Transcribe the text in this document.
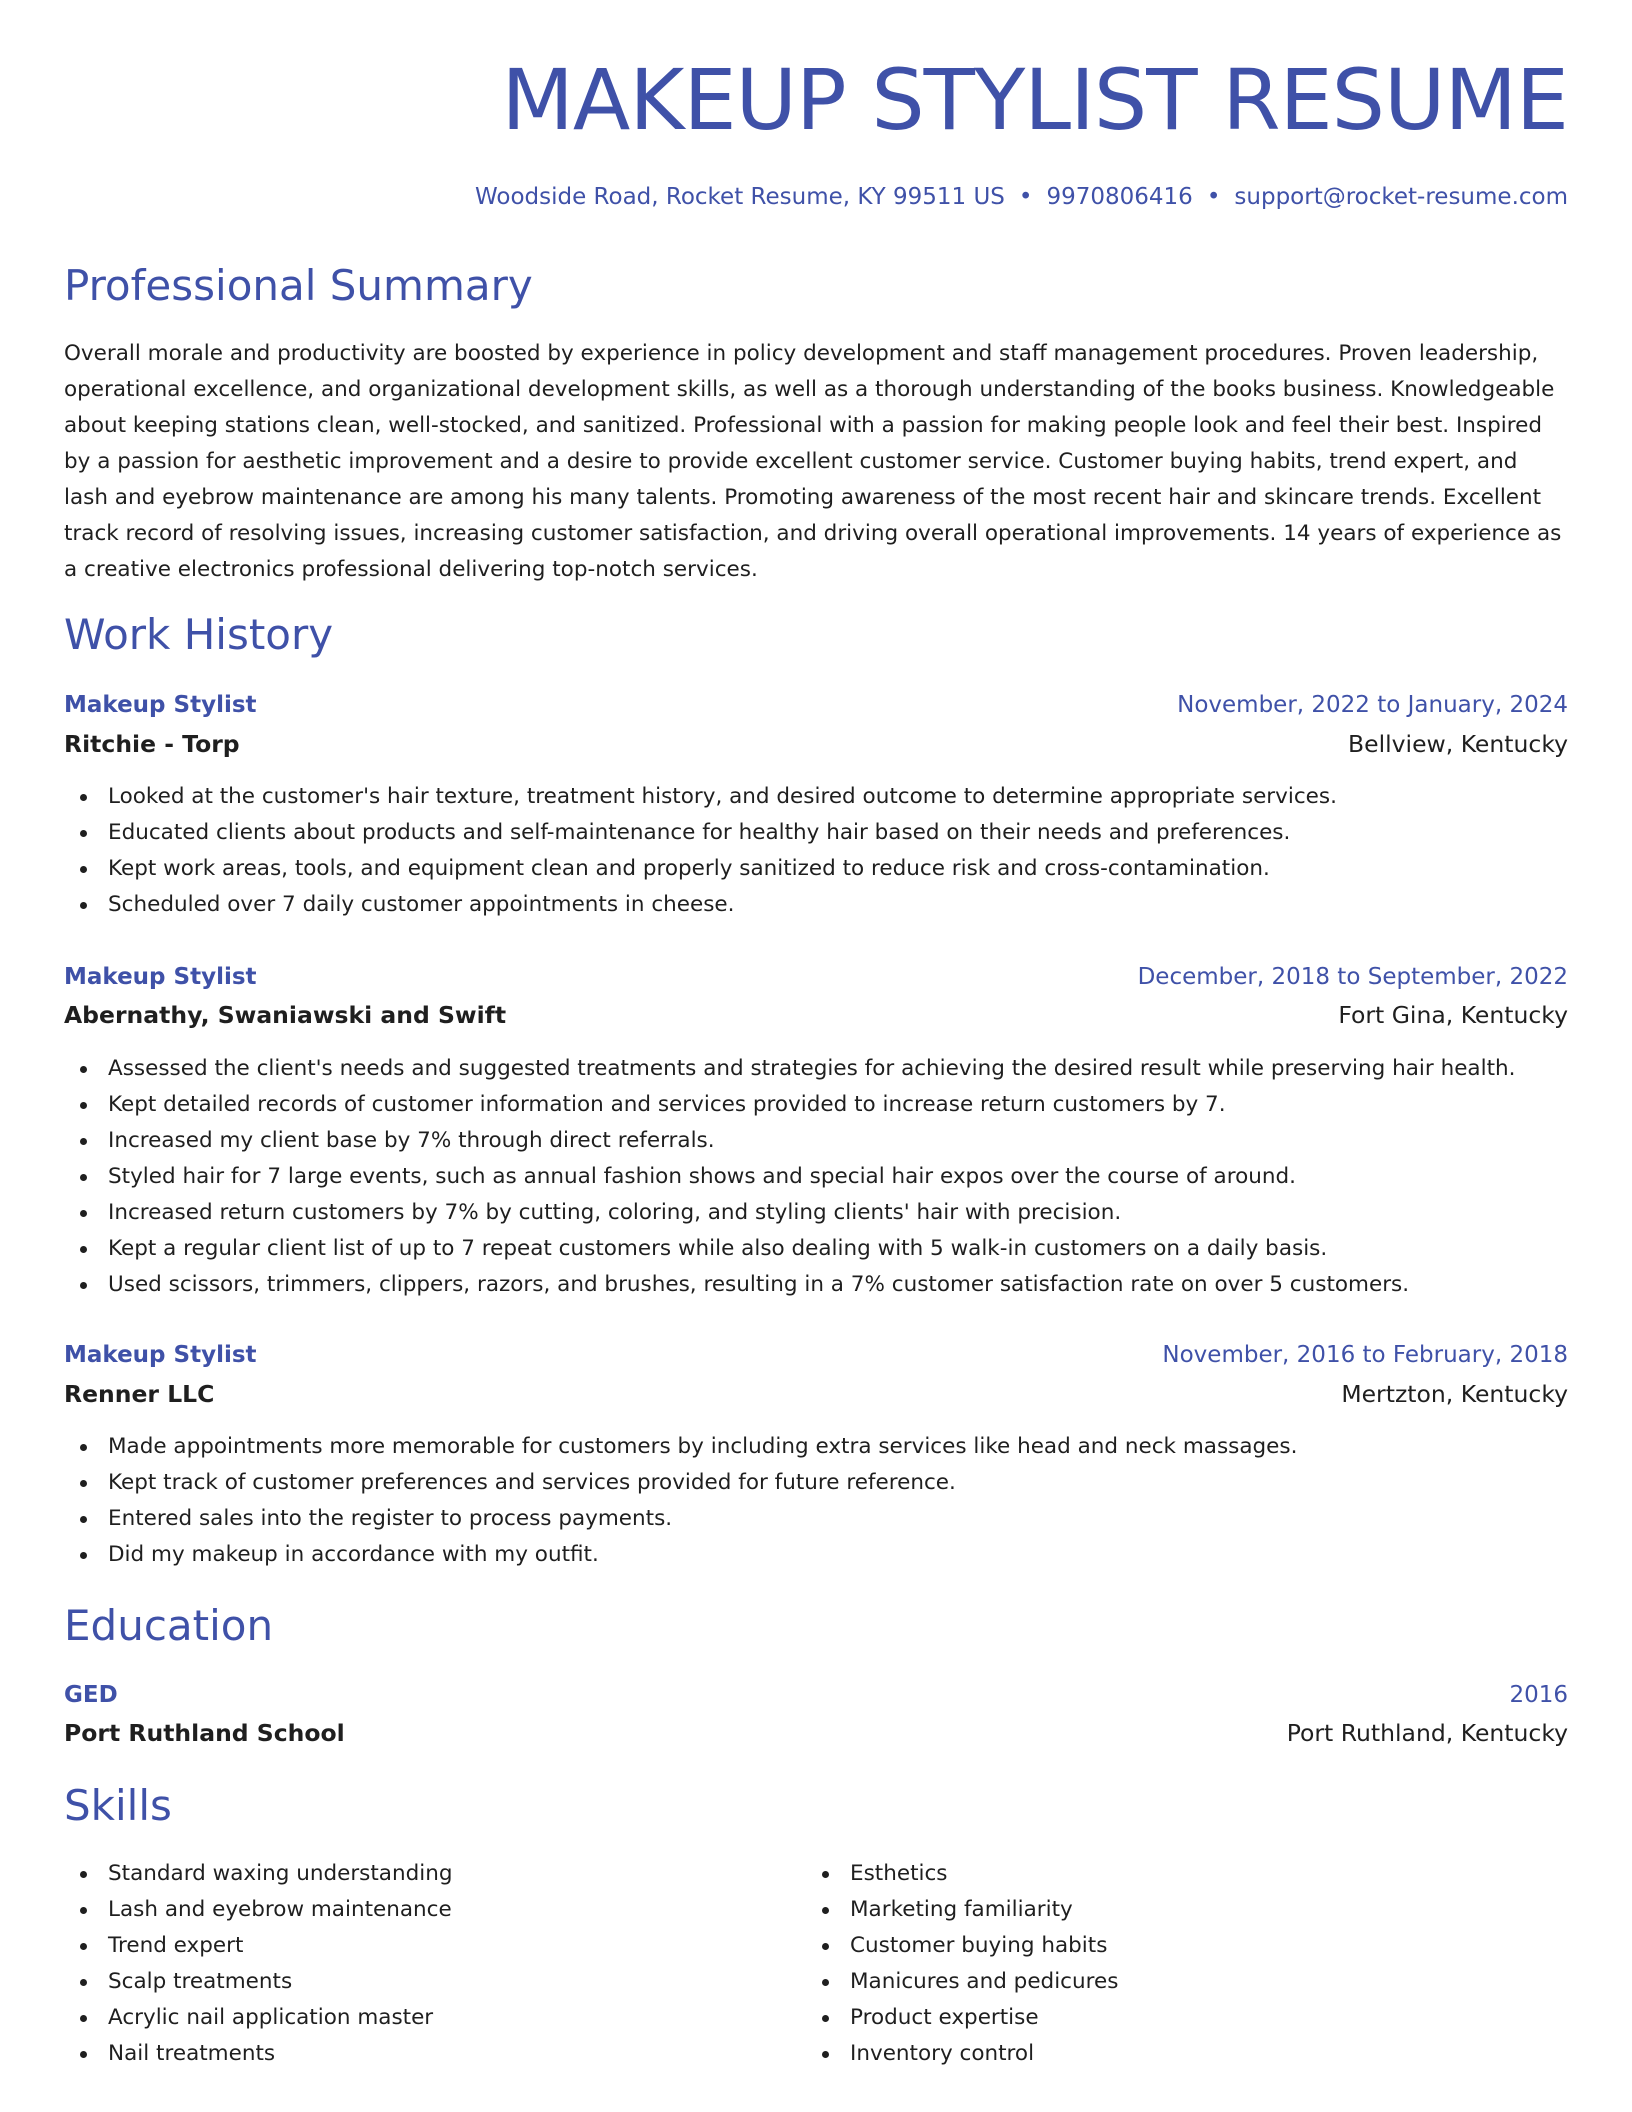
MAKEUP STYLIST RESUME
Woodside Road, Rocket Resume, KY 99511 US • 9970806416 • support@rocket-resume.com
Professional Summary

Overall morale and productivity are boosted by experience in policy development and staff management procedures. Proven leadership, operational excellence, and organizational development skills, as well as a thorough understanding of the books business. Knowledgeable about keeping stations clean, well-stocked, and sanitized. Professional with a passion for making people look and feel their best. Inspired by a passion for aesthetic improvement and a desire to provide excellent customer service. Customer buying habits, trend expert, and lash and eyebrow maintenance are among his many talents. Promoting awareness of the most recent hair and skincare trends. Excellent track record of resolving issues, increasing customer satisfaction, and driving overall operational improvements. 14 years of experience as a creative electronics professional delivering top-notch services.

Work History
Makeup Stylist	November, 2022 to January, 2024
Ritchie - Torp	Bellview, Kentucky
Looked at the customer's hair texture, treatment history, and desired outcome to determine appropriate services.
Educated clients about products and self-maintenance for healthy hair based on their needs and preferences.
Kept work areas, tools, and equipment clean and properly sanitized to reduce risk and cross-contamination.
Scheduled over 7 daily customer appointments in cheese.
Makeup Stylist	December, 2018 to September, 2022
Abernathy, Swaniawski and Swift	Fort Gina, Kentucky
Assessed the client's needs and suggested treatments and strategies for achieving the desired result while preserving hair health.
Kept detailed records of customer information and services provided to increase return customers by 7.
Increased my client base by 7% through direct referrals.
Styled hair for 7 large events, such as annual fashion shows and special hair expos over the course of around.
Increased return customers by 7% by cutting, coloring, and styling clients' hair with precision.
Kept a regular client list of up to 7 repeat customers while also dealing with 5 walk-in customers on a daily basis.
Used scissors, trimmers, clippers, razors, and brushes, resulting in a 7% customer satisfaction rate on over 5 customers.
Makeup Stylist	November, 2016 to February, 2018
Renner LLC	Mertzton, Kentucky
Made appointments more memorable for customers by including extra services like head and neck massages.
Kept track of customer preferences and services provided for future reference.
Entered sales into the register to process payments.
Did my makeup in accordance with my outfit.
Education
GED	2016
Port Ruthland School	Port Ruthland, Kentucky
Skills
Standard waxing understanding
Lash and eyebrow maintenance
Trend expert
Scalp treatments
Acrylic nail application master
Nail treatments
Esthetics
Marketing familiarity
Customer buying habits
Manicures and pedicures
Product expertise
Inventory control
